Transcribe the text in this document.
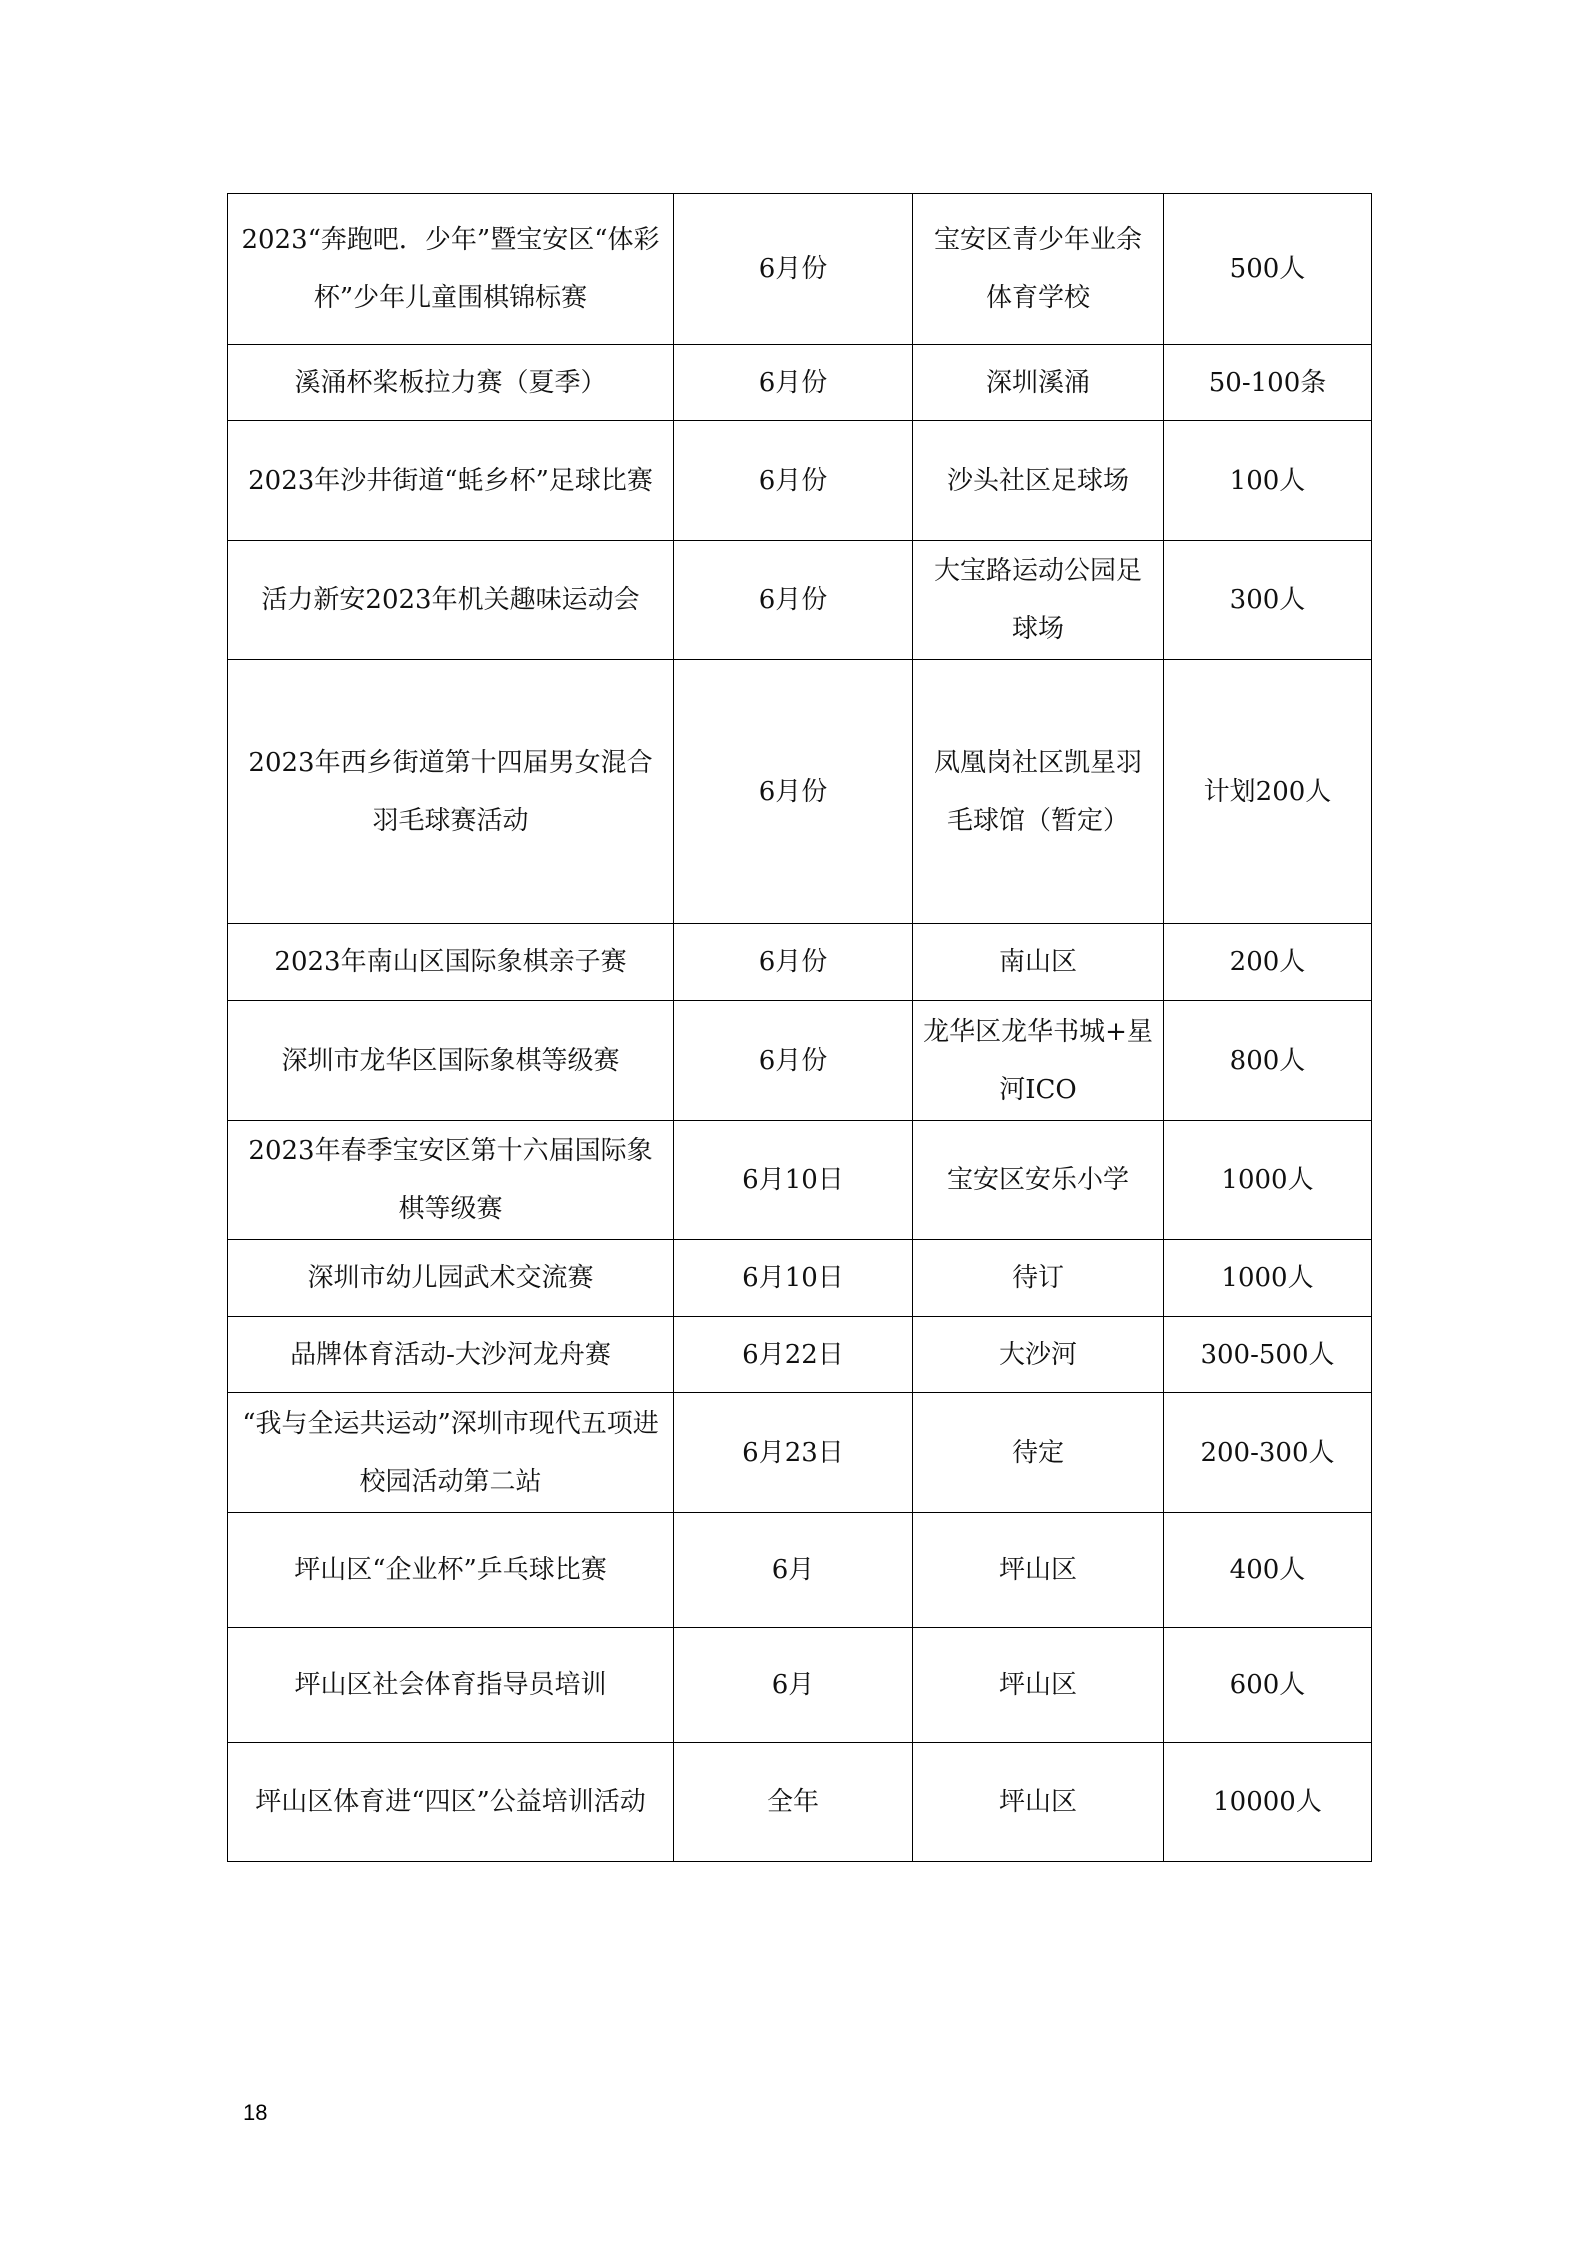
2023“奔跑吧．少年”暨宝安区“体彩杯”少年儿童围棋锦标赛	6月份	宝安区青少年业余体育学校	500人
溪涌杯桨板拉力赛（夏季）	6月份	深圳溪涌	50-100条
2023年沙井街道“蚝乡杯”足球比赛	6月份	沙头社区足球场	100人
活力新安2023年机关趣味运动会	6月份	大宝路运动公园足球场	300人
2023年西乡街道第十四届男女混合羽毛球赛活动	6月份	凤凰岗社区凯星羽毛球馆（暂定）	计划200人
2023年南山区国际象棋亲子赛	6月份	南山区	200人
深圳市龙华区国际象棋等级赛	6月份	龙华区龙华书城+星河ICO	800人
2023年春季宝安区第十六届国际象棋等级赛	6月10日	宝安区安乐小学	1000人
深圳市幼儿园武术交流赛	6月10日	待订	1000人
品牌体育活动-大沙河龙舟赛	6月22日	大沙河	300-500人
“我与全运共运动”深圳市现代五项进校园活动第二站	6月23日	待定	200-300人
坪山区“企业杯”乒乓球比赛	6月	坪山区	400人
坪山区社会体育指导员培训	6月	坪山区	600人
坪山区体育进“四区”公益培训活动	全年	坪山区	10000人
18
